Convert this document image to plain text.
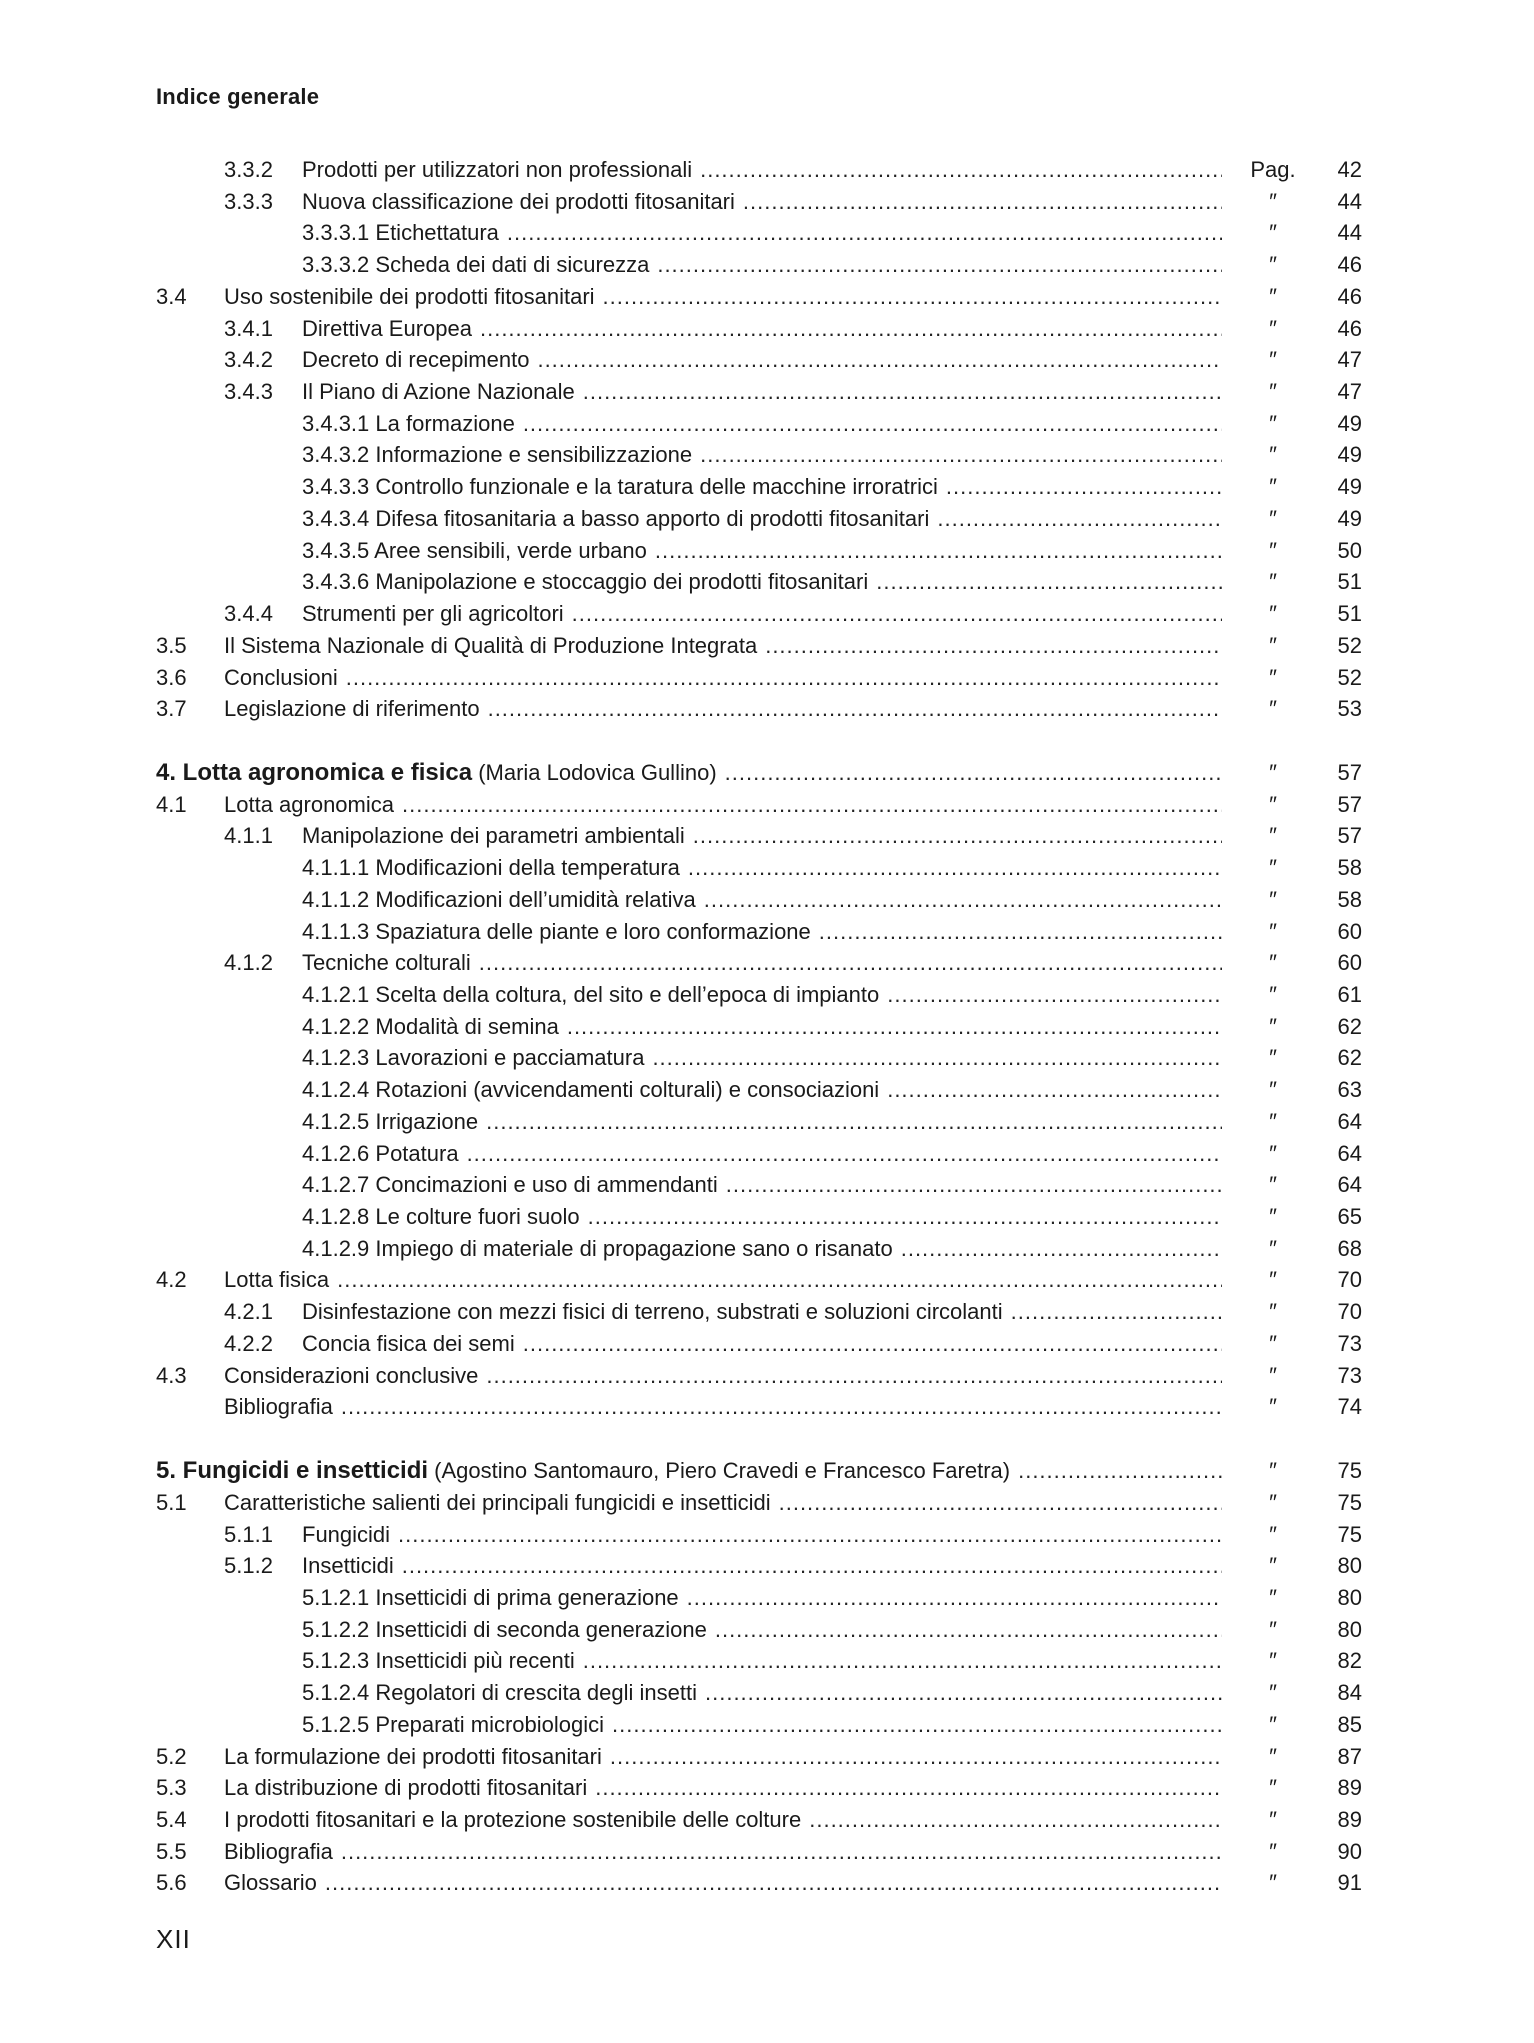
Indice generale
3.3.2 Prodotti per utilizzatori non professionali .....	Pag.	42
3.3.3 Nuova classificazione dei prodotti fitosanitari .....	″	44
3.3.3.1 Etichettatura .....	″	44
3.3.3.2 Scheda dei dati di sicurezza .....	″	46
3.4 Uso sostenibile dei prodotti fitosanitari .....	″	46
3.4.1 Direttiva Europea .....	″	46
3.4.2 Decreto di recepimento .....	″	47
3.4.3 Il Piano di Azione Nazionale .....	″	47
3.4.3.1 La formazione .....	″	49
3.4.3.2 Informazione e sensibilizzazione .....	″	49
3.4.3.3 Controllo funzionale e la taratura delle macchine irroratrici .....	″	49
3.4.3.4 Difesa fitosanitaria a basso apporto di prodotti fitosanitari .....	″	49
3.4.3.5 Aree sensibili, verde urbano .....	″	50
3.4.3.6 Manipolazione e stoccaggio dei prodotti fitosanitari .....	″	51
3.4.4 Strumenti per gli agricoltori .....	″	51
3.5 Il Sistema Nazionale di Qualità di Produzione Integrata .....	″	52
3.6 Conclusioni .....	″	52
3.7 Legislazione di riferimento .....	″	53
4. Lotta agronomica e fisica (Maria Lodovica Gullino) .....	″	57
4.1 Lotta agronomica .....	″	57
4.1.1 Manipolazione dei parametri ambientali .....	″	57
4.1.1.1 Modificazioni della temperatura .....	″	58
4.1.1.2 Modificazioni dell’umidità relativa .....	″	58
4.1.1.3 Spaziatura delle piante e loro conformazione .....	″	60
4.1.2 Tecniche colturali .....	″	60
4.1.2.1 Scelta della coltura, del sito e dell’epoca di impianto .....	″	61
4.1.2.2 Modalità di semina .....	″	62
4.1.2.3 Lavorazioni e pacciamatura .....	″	62
4.1.2.4 Rotazioni (avvicendamenti colturali) e consociazioni .....	″	63
4.1.2.5 Irrigazione .....	″	64
4.1.2.6 Potatura .....	″	64
4.1.2.7 Concimazioni e uso di ammendanti .....	″	64
4.1.2.8 Le colture fuori suolo .....	″	65
4.1.2.9 Impiego di materiale di propagazione sano o risanato .....	″	68
4.2 Lotta fisica .....	″	70
4.2.1 Disinfestazione con mezzi fisici di terreno, substrati e soluzioni circolanti .....	″	70
4.2.2 Concia fisica dei semi .....	″	73
4.3 Considerazioni conclusive .....	″	73
Bibliografia .....	″	74
5. Fungicidi e insetticidi (Agostino Santomauro, Piero Cravedi e Francesco Faretra) .....	″	75
5.1 Caratteristiche salienti dei principali fungicidi e insetticidi .....	″	75
5.1.1 Fungicidi .....	″	75
5.1.2 Insetticidi .....	″	80
5.1.2.1 Insetticidi di prima generazione .....	″	80
5.1.2.2 Insetticidi di seconda generazione .....	″	80
5.1.2.3 Insetticidi più recenti .....	″	82
5.1.2.4 Regolatori di crescita degli insetti .....	″	84
5.1.2.5 Preparati microbiologici .....	″	85
5.2 La formulazione dei prodotti fitosanitari .....	″	87
5.3 La distribuzione di prodotti fitosanitari .....	″	89
5.4 I prodotti fitosanitari e la protezione sostenibile delle colture .....	″	89
5.5 Bibliografia .....	″	90
5.6 Glossario .....	″	91
XII
